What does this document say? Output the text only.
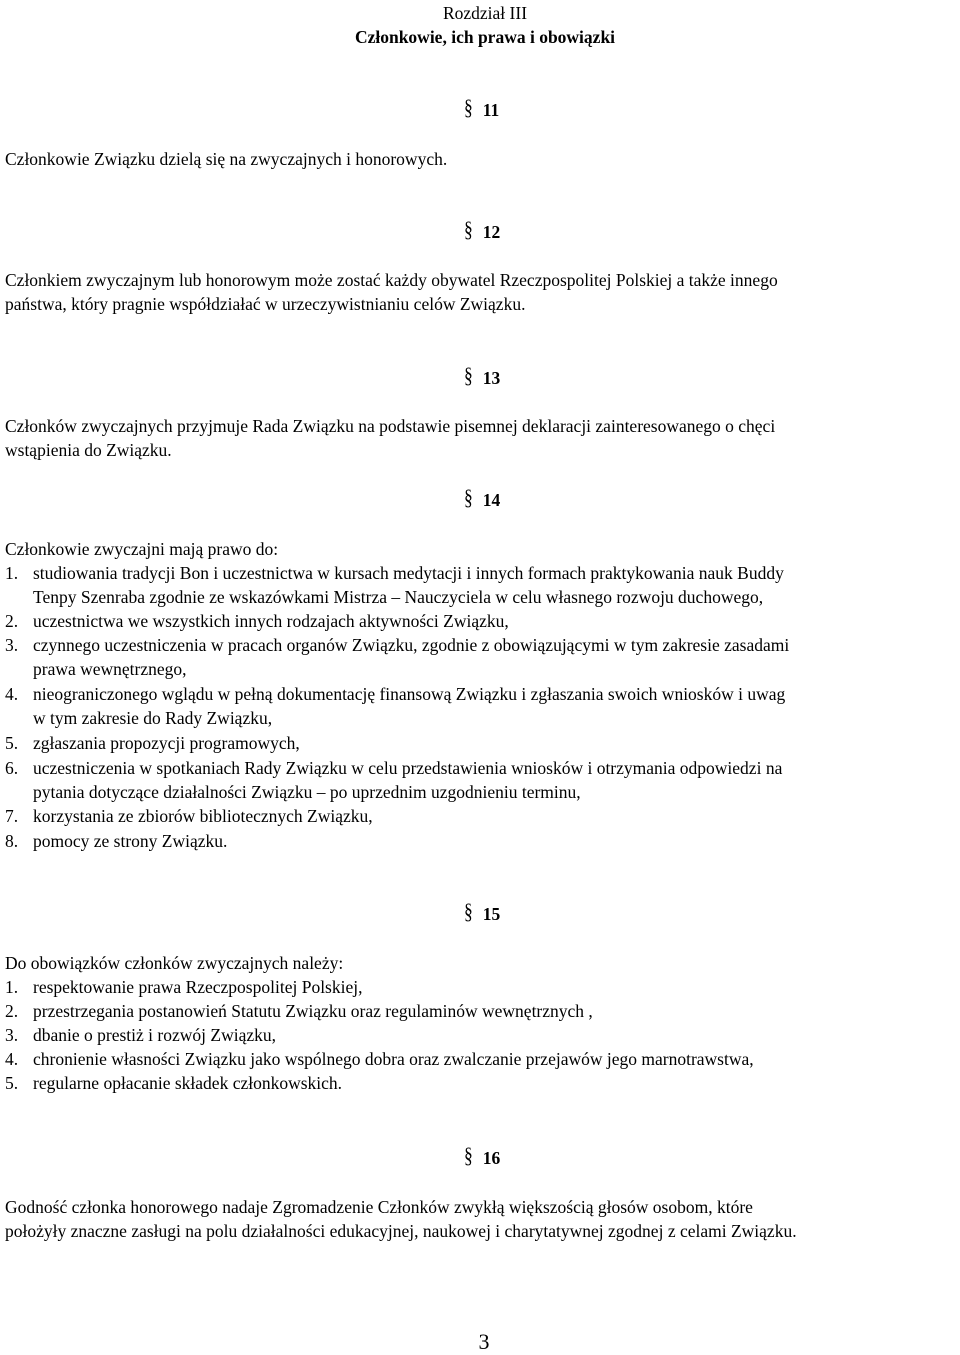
Rozdział III
Członkowie, ich prawa i obowiązki
§ 11
Członkowie Związku dzielą się na zwyczajnych i honorowych.
§ 12
Członkiem zwyczajnym lub honorowym może zostać każdy obywatel Rzeczpospolitej Polskiej a także innego
państwa, który pragnie współdziałać w urzeczywistnianiu celów Związku.
§ 13
Członków zwyczajnych przyjmuje Rada Związku na podstawie pisemnej deklaracji zainteresowanego o chęci
wstąpienia do Związku.
§ 14
Członkowie zwyczajni mają prawo do:
1. studiowania tradycji Bon i uczestnictwa w kursach medytacji i innych formach praktykowania nauk Buddy
Tenpy Szenraba zgodnie ze wskazówkami Mistrza – Nauczyciela w celu własnego rozwoju duchowego,
2. uczestnictwa we wszystkich innych rodzajach aktywności Związku,
3. czynnego uczestniczenia w pracach organów Związku, zgodnie z obowiązującymi w tym zakresie zasadami
prawa wewnętrznego,
4. nieograniczonego wglądu w pełną dokumentację finansową Związku i zgłaszania swoich wniosków i uwag
w tym zakresie do Rady Związku,
5. zgłaszania propozycji programowych,
6. uczestniczenia w spotkaniach Rady Związku w celu przedstawienia wniosków i otrzymania odpowiedzi na
pytania dotyczące działalności Związku – po uprzednim uzgodnieniu terminu,
7. korzystania ze zbiorów bibliotecznych Związku,
8. pomocy ze strony Związku.
§ 15
Do obowiązków członków zwyczajnych należy:
1. respektowanie prawa Rzeczpospolitej Polskiej,
2. przestrzegania postanowień Statutu Związku oraz regulaminów wewnętrznych ,
3. dbanie o prestiż i rozwój Związku,
4. chronienie własności Związku jako wspólnego dobra oraz zwalczanie przejawów jego marnotrawstwa,
5. regularne opłacanie składek członkowskich.
§ 16
Godność członka honorowego nadaje Zgromadzenie Członków zwykłą większością głosów osobom, które
położyły znaczne zasługi na polu działalności edukacyjnej, naukowej i charytatywnej zgodnej z celami Związku.
3
